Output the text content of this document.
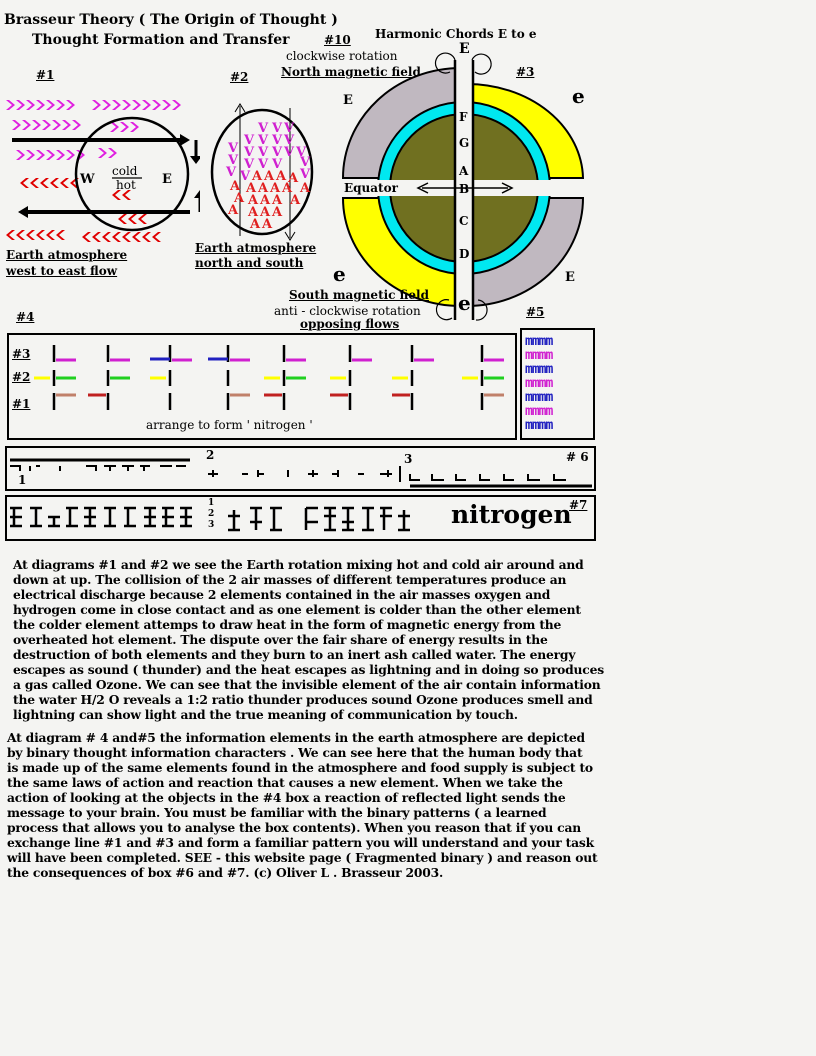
Brasseur Theory ( The Origin of Thought )
Thought Formation and Transfer	#10
#1
W	E
cold
hot
Earth atmosphere
west to east flow
#2
V V V
V V V V
V V V V V V
V V V V V
V V	V
A A A A
A A A A A A
A A A A A
A A A A
A A
Earth atmosphere
north and south
Harmonic Chords E to e
clockwise rotation
North magnetic field	#3
E
E	e
e	E
e
Equator
F
G
A
B
C
D
South magnetic field
anti - clockwise rotation
opposing flows
#4
#3
#2
#1
arrange to form ' nitrogen '
#5
mmmm
mmmm
mmmm
mmmm
mmmm
mmmm
mmmm
1
2	3	# 6
1
2
3	nitrogen
#7
At diagrams #1 and #2 we see the Earth rotation mixing hot and cold air around and
down at up. The collision of the 2 air masses of different temperatures produce an
electrical discharge because 2 elements contained in the air masses oxygen and
hydrogen come in close contact and as one element is colder than the other element
the colder element attemps to draw heat in the form of magnetic energy from the
overheated hot element. The dispute over the fair share of energy results in the
destruction of both elements and they burn to an inert ash called water. The energy
escapes as sound ( thunder) and the heat escapes as lightning and in doing so produces
a gas called Ozone. We can see that the invisible element of the air contain information
the water H/2 O reveals a 1:2 ratio thunder produces sound Ozone produces smell and
lightning can show light and the true meaning of communication by touch.
At diagram # 4 and#5 the information elements in the earth atmosphere are depicted
by binary thought information characters . We can see here that the human body that
is made up of the same elements found in the atmosphere and food supply is subject to
the same laws of action and reaction that causes a new element. When we take the
action of looking at the objects in the #4 box a reaction of reflected light sends the
message to your brain. You must be familiar with the binary patterns ( a learned
process that allows you to analyse the box contents). When you reason that if you can
exchange line #1 and #3 and form a familiar pattern you will understand and your task
will have been completed. SEE - this website page ( Fragmented binary ) and reason out
the consequences of box #6 and #7. (c) Oliver L . Brasseur 2003.
